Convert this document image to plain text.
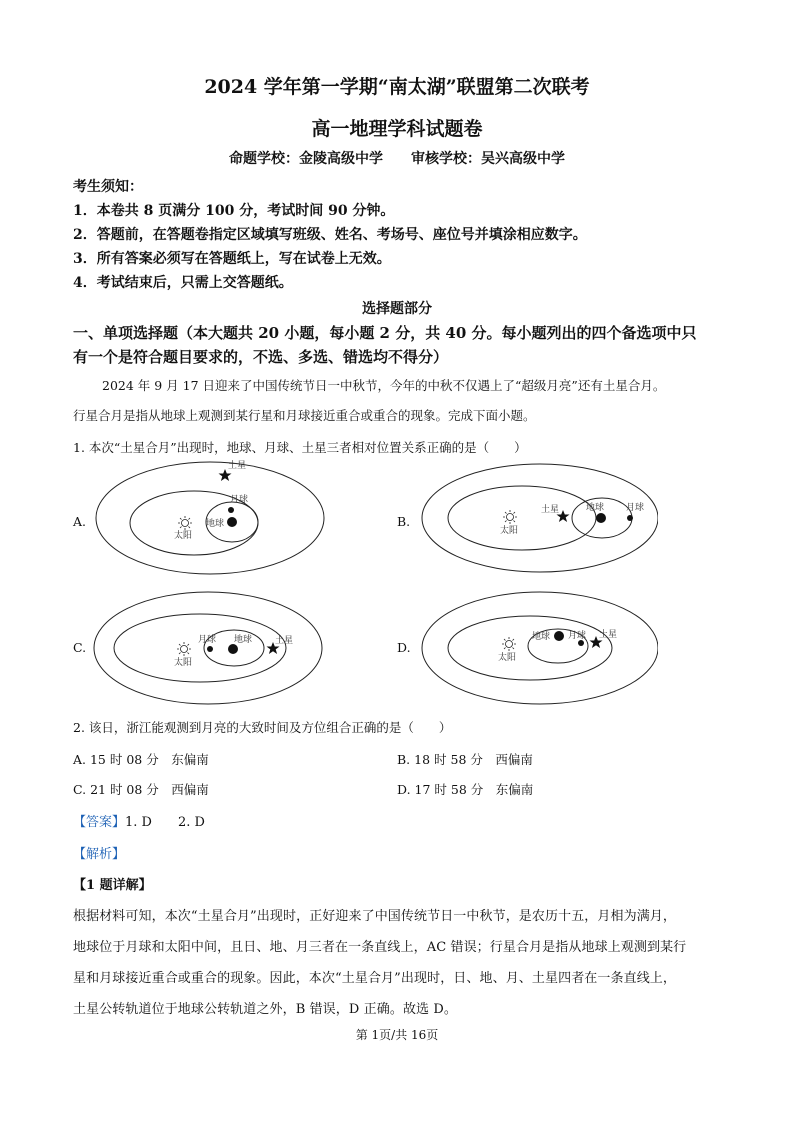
2024 学年第一学期“南太湖”联盟第二次联考
高一地理学科试题卷
命题学校：金陵高级中学 审核学校：吴兴高级中学
考生须知：
1．本卷共 8 页满分 100 分，考试时间 90 分钟。
2．答题前，在答题卷指定区域填写班级、姓名、考场号、座位号并填涂相应数字。
3．所有答案必须写在答题纸上，写在试卷上无效。
4．考试结束后，只需上交答题纸。
选择题部分
一、单项选择题（本大题共 20 小题，每小题 2 分，共 40 分。每小题列出的四个备选项中只
有一个是符合题目要求的，不选、多选、错选均不得分）
2024 年 9 月 17 日迎来了中国传统节日一中秋节，今年的中秋不仅遇上了“超级月亮”还有土星合月。
行星合月是指从地球上观测到某行星和月球接近重合或重合的现象。完成下面小题。
1. 本次“土星合月”出现时，地球、月球、土星三者相对位置关系正确的是（　　）
A.	B.
C.	D.
太阳
地球
月球
土星
太阳
土星	地球 月球
太阳
月球 地球	土星
太阳
地球 月球 土星
2. 该日，浙江能观测到月亮的大致时间及方位组合正确的是（　　）
A. 15 时 08 分　东偏南	B. 18 时 58 分　西偏南
C. 21 时 08 分　西偏南	D. 17 时 58 分　东偏南
【答案】1. D　　2. D
【解析】
【1 题详解】
根据材料可知，本次“土星合月”出现时，正好迎来了中国传统节日一中秋节，是农历十五，月相为满月，
地球位于月球和太阳中间，且日、地、月三者在一条直线上，AC 错误；行星合月是指从地球上观测到某行
星和月球接近重合或重合的现象。因此，本次“土星合月”出现时，日、地、月、土星四者在一条直线上，
土星公转轨道位于地球公转轨道之外，B 错误，D 正确。故选 D。
第 1页/共 16页
